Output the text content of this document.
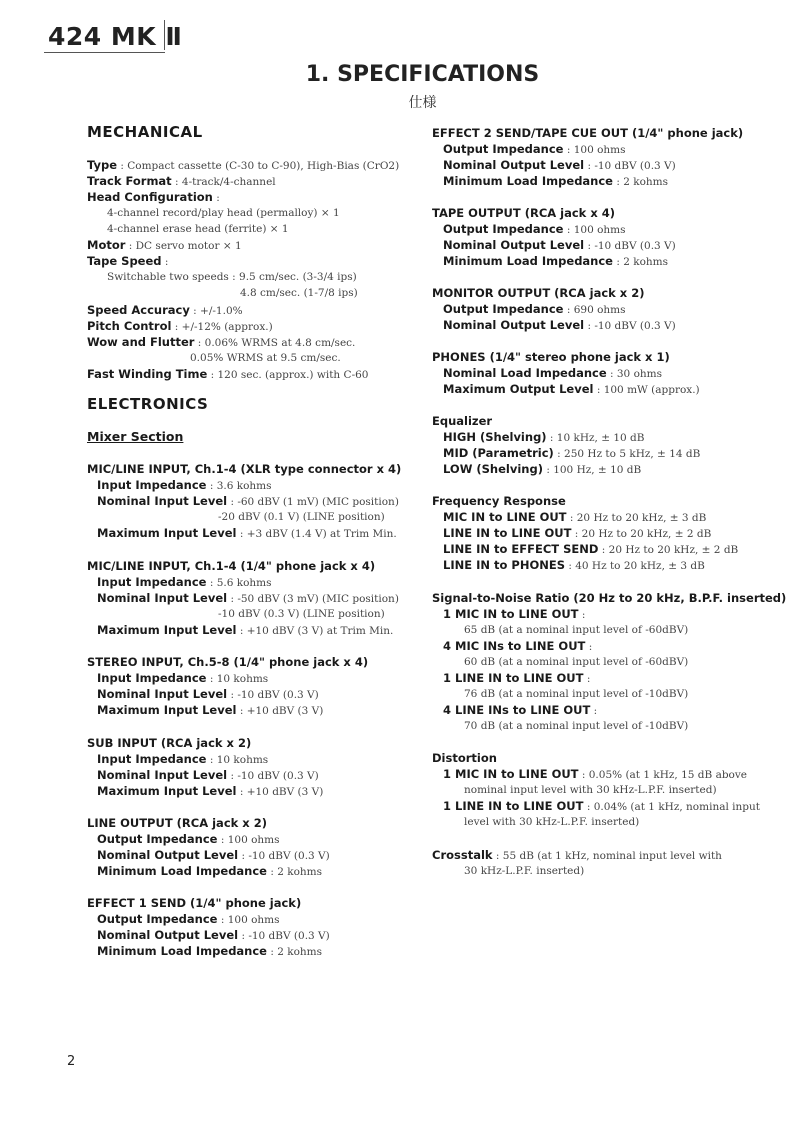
424 MK Ⅱ
1. SPECIFICATIONS
仕様
MECHANICAL
Type : Compact cassette (C-30 to C-90), High-Bias (CrO2)
Track Format : 4-track/4-channel
Head Configuration :
4-channel record/play head (permalloy) × 1
4-channel erase head (ferrite) × 1
Motor : DC servo motor × 1
Tape Speed :
Switchable two speeds : 9.5 cm/sec. (3-3/4 ips)
4.8 cm/sec. (1-7/8 ips)
Speed Accuracy : +/-1.0%
Pitch Control : +/-12% (approx.)
Wow and Flutter : 0.06% WRMS at 4.8 cm/sec.
0.05% WRMS at 9.5 cm/sec.
Fast Winding Time : 120 sec. (approx.) with C-60
ELECTRONICS
Mixer Section
MIC/LINE INPUT, Ch.1-4 (XLR type connector x 4)
Input Impedance : 3.6 kohms
Nominal Input Level : -60 dBV (1 mV) (MIC position)
-20 dBV (0.1 V) (LINE position)
Maximum Input Level : +3 dBV (1.4 V) at Trim Min.
MIC/LINE INPUT, Ch.1-4 (1/4" phone jack x 4)
Input Impedance : 5.6 kohms
Nominal Input Level : -50 dBV (3 mV) (MIC position)
-10 dBV (0.3 V) (LINE position)
Maximum Input Level : +10 dBV (3 V) at Trim Min.
STEREO INPUT, Ch.5-8 (1/4" phone jack x 4)
Input Impedance : 10 kohms
Nominal Input Level : -10 dBV (0.3 V)
Maximum Input Level : +10 dBV (3 V)
SUB INPUT (RCA jack x 2)
Input Impedance : 10 kohms
Nominal Input Level : -10 dBV (0.3 V)
Maximum Input Level : +10 dBV (3 V)
LINE OUTPUT (RCA jack x 2)
Output Impedance : 100 ohms
Nominal Output Level : -10 dBV (0.3 V)
Minimum Load Impedance : 2 kohms
EFFECT 1 SEND (1/4" phone jack)
Output Impedance : 100 ohms
Nominal Output Level : -10 dBV (0.3 V)
Minimum Load Impedance : 2 kohms
EFFECT 2 SEND/TAPE CUE OUT (1/4" phone jack)
Output Impedance : 100 ohms
Nominal Output Level : -10 dBV (0.3 V)
Minimum Load Impedance : 2 kohms
TAPE OUTPUT (RCA jack x 4)
Output Impedance : 100 ohms
Nominal Output Level : -10 dBV (0.3 V)
Minimum Load Impedance : 2 kohms
MONITOR OUTPUT (RCA jack x 2)
Output Impedance : 690 ohms
Nominal Output Level : -10 dBV (0.3 V)
PHONES (1/4" stereo phone jack x 1)
Nominal Load Impedance : 30 ohms
Maximum Output Level : 100 mW (approx.)
Equalizer
HIGH (Shelving) : 10 kHz, ± 10 dB
MID (Parametric) : 250 Hz to 5 kHz, ± 14 dB
LOW (Shelving) : 100 Hz, ± 10 dB
Frequency Response
MIC IN to LINE OUT : 20 Hz to 20 kHz, ± 3 dB
LINE IN to LINE OUT : 20 Hz to 20 kHz, ± 2 dB
LINE IN to EFFECT SEND : 20 Hz to 20 kHz, ± 2 dB
LINE IN to PHONES : 40 Hz to 20 kHz, ± 3 dB
Signal-to-Noise Ratio (20 Hz to 20 kHz, B.P.F. inserted)
1 MIC IN to LINE OUT :
65 dB (at a nominal input level of -60dBV)
4 MIC INs to LINE OUT :
60 dB (at a nominal input level of -60dBV)
1 LINE IN to LINE OUT :
76 dB (at a nominal input level of -10dBV)
4 LINE INs to LINE OUT :
70 dB (at a nominal input level of -10dBV)
Distortion
1 MIC IN to LINE OUT : 0.05% (at 1 kHz, 15 dB above
nominal input level with 30 kHz-L.P.F. inserted)
1 LINE IN to LINE OUT : 0.04% (at 1 kHz, nominal input
level with 30 kHz-L.P.F. inserted)
Crosstalk : 55 dB (at 1 kHz, nominal input level with
30 kHz-L.P.F. inserted)
2
